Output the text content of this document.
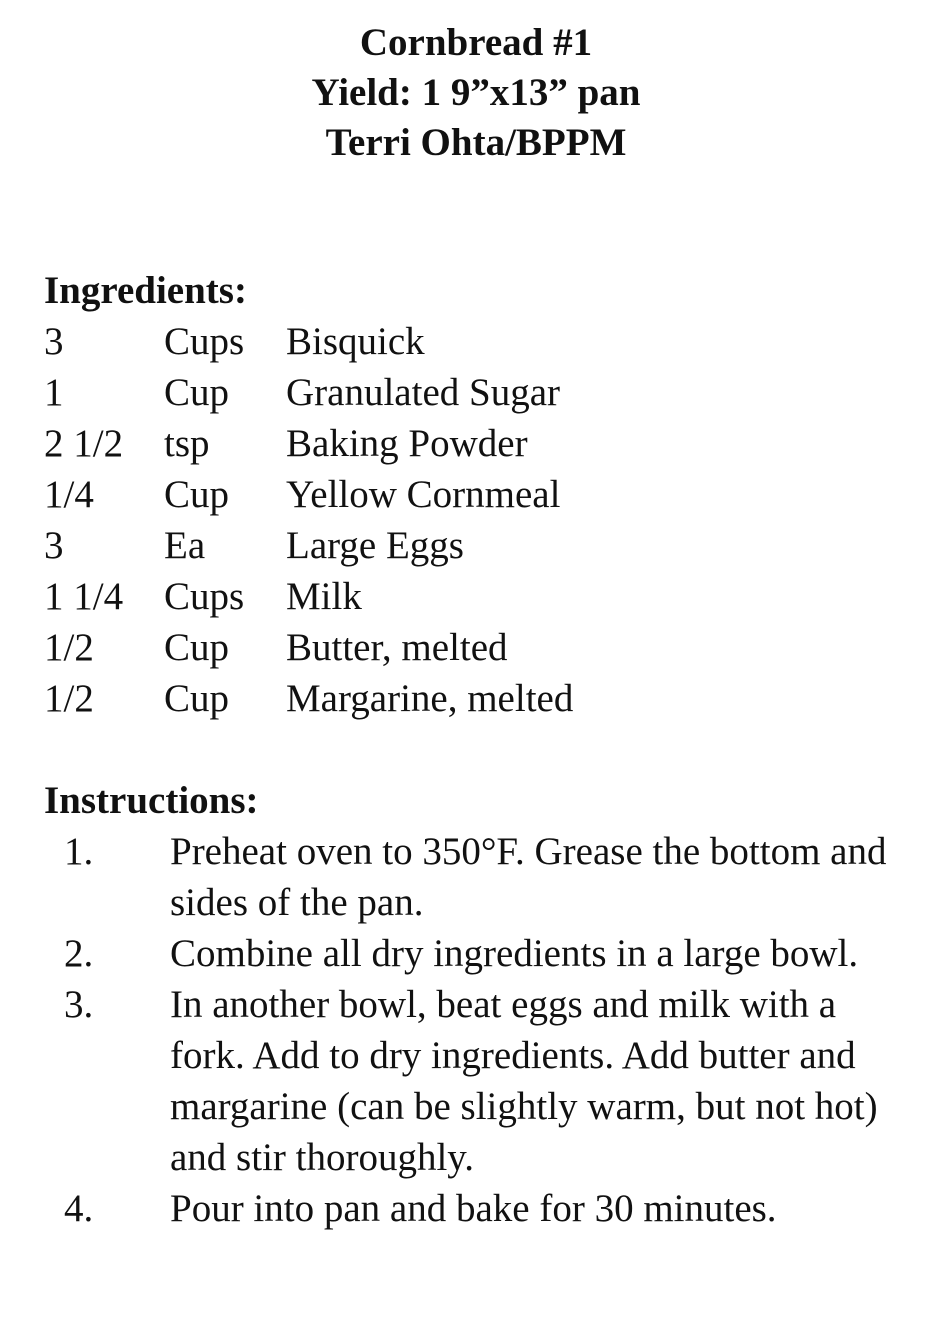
Cornbread #1
Yield: 1 9”x13” pan
Terri Ohta/BPPM
Ingredients:
3	Cups Bisquick
1	Cup Granulated Sugar
2 1/2 tsp Baking Powder
1/4 Cup Yellow Cornmeal
3	Ea Large Eggs
1 1/4 Cups Milk
1/2 Cup Butter, melted
1/2 Cup Margarine, melted
Instructions:
1. Preheat oven to 350°F. Grease the bottom and sides of the pan.
2. Combine all dry ingredients in a large bowl.
3. In another bowl, beat eggs and milk with a fork. Add to dry ingredients. Add butter and margarine (can be slightly warm, but not hot) and stir thoroughly.
4. Pour into pan and bake for 30 minutes.
